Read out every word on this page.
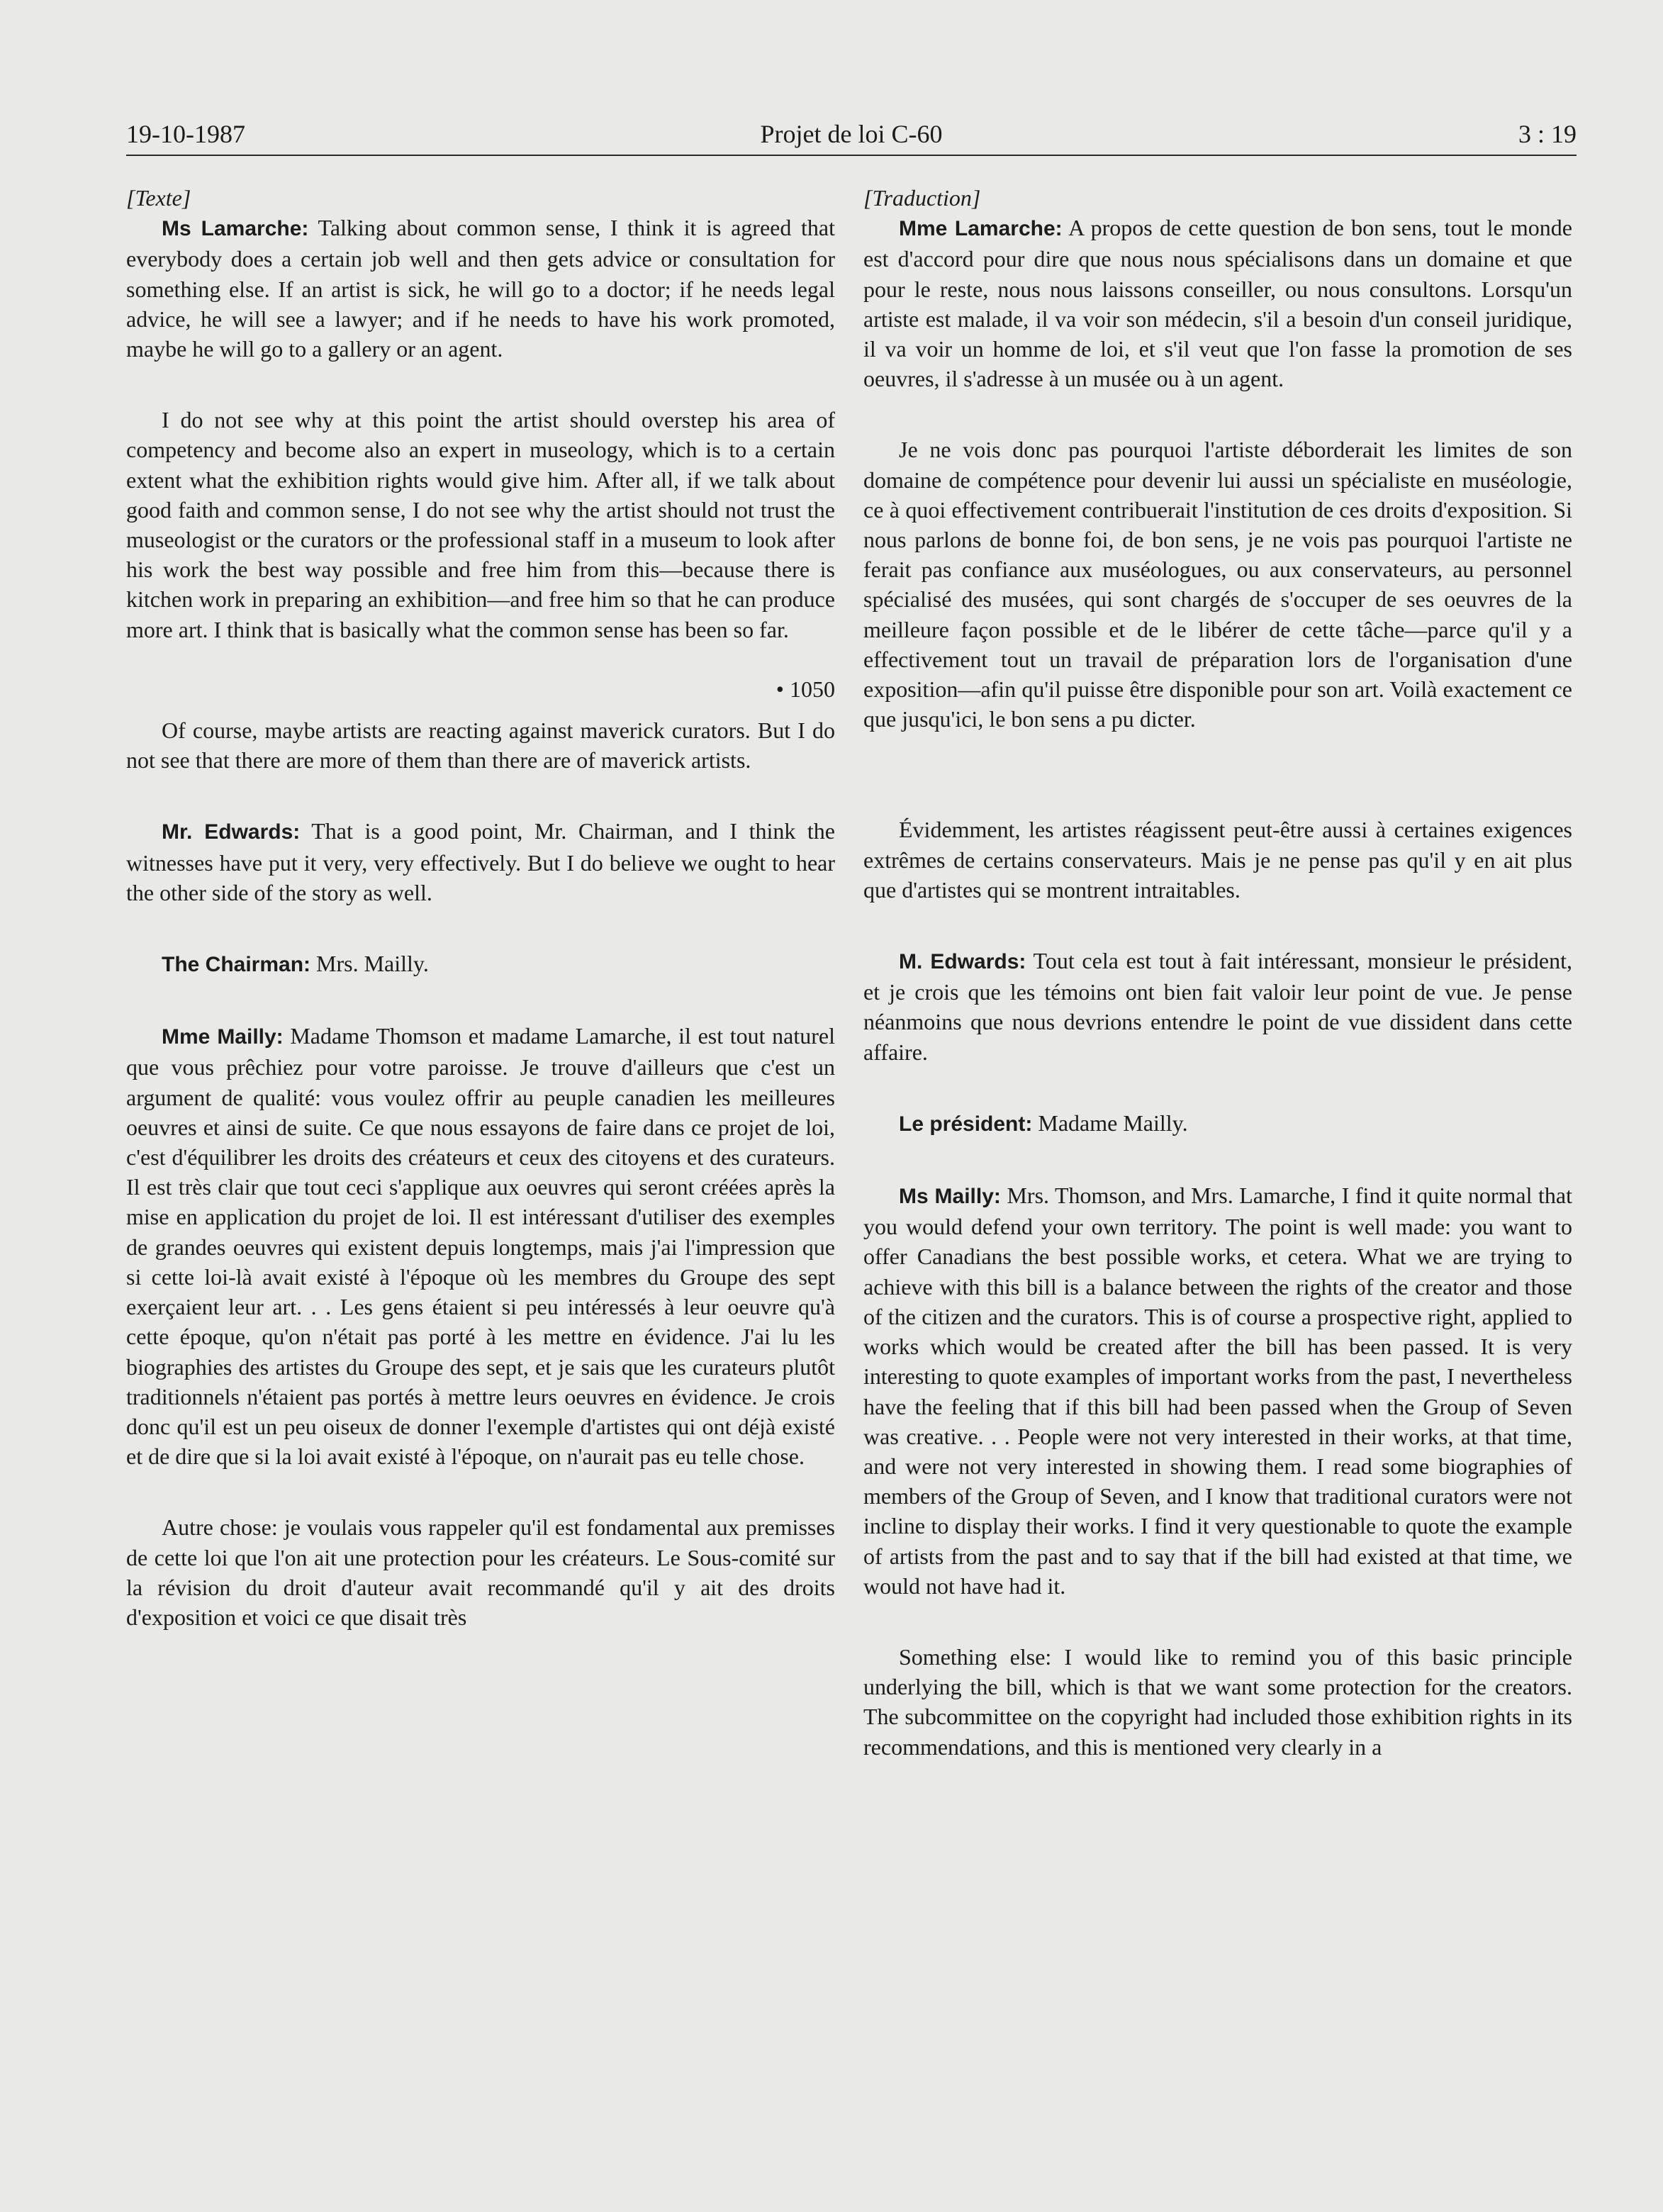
19-10-1987	Projet de loi C-60	3 : 19

[Texte]

Ms Lamarche: Talking about common sense, I think it is agreed that everybody does a certain job well and then gets advice or consultation for something else. If an artist is sick, he will go to a doctor; if he needs legal advice, he will see a lawyer; and if he needs to have his work promoted, maybe he will go to a gallery or an agent.

I do not see why at this point the artist should overstep his area of competency and become also an expert in museology, which is to a certain extent what the exhibition rights would give him. After all, if we talk about good faith and common sense, I do not see why the artist should not trust the museologist or the curators or the professional staff in a museum to look after his work the best way possible and free him from this—because there is kitchen work in preparing an exhibition—and free him so that he can produce more art. I think that is basically what the common sense has been so far.

• 1050

Of course, maybe artists are reacting against maverick curators. But I do not see that there are more of them than there are of maverick artists.

Mr. Edwards: That is a good point, Mr. Chairman, and I think the witnesses have put it very, very effectively. But I do believe we ought to hear the other side of the story as well.

The Chairman: Mrs. Mailly.

Mme Mailly: Madame Thomson et madame Lamarche, il est tout naturel que vous prêchiez pour votre paroisse. Je trouve d'ailleurs que c'est un argument de qualité: vous voulez offrir au peuple canadien les meilleures oeuvres et ainsi de suite. Ce que nous essayons de faire dans ce projet de loi, c'est d'équilibrer les droits des créateurs et ceux des citoyens et des curateurs. Il est très clair que tout ceci s'applique aux oeuvres qui seront créées après la mise en application du projet de loi. Il est intéressant d'utiliser des exemples de grandes oeuvres qui existent depuis longtemps, mais j'ai l'impression que si cette loi-là avait existé à l'époque où les membres du Groupe des sept exerçaient leur art. . . Les gens étaient si peu intéressés à leur oeuvre qu'à cette époque, qu'on n'était pas porté à les mettre en évidence. J'ai lu les biographies des artistes du Groupe des sept, et je sais que les curateurs plutôt traditionnels n'étaient pas portés à mettre leurs oeuvres en évidence. Je crois donc qu'il est un peu oiseux de donner l'exemple d'artistes qui ont déjà existé et de dire que si la loi avait existé à l'époque, on n'aurait pas eu telle chose.

Autre chose: je voulais vous rappeler qu'il est fondamental aux premisses de cette loi que l'on ait une protection pour les créateurs. Le Sous-comité sur la révision du droit d'auteur avait recommandé qu'il y ait des droits d'exposition et voici ce que disait très

[Traduction]

Mme Lamarche: A propos de cette question de bon sens, tout le monde est d'accord pour dire que nous nous spécialisons dans un domaine et que pour le reste, nous nous laissons conseiller, ou nous consultons. Lorsqu'un artiste est malade, il va voir son médecin, s'il a besoin d'un conseil juridique, il va voir un homme de loi, et s'il veut que l'on fasse la promotion de ses oeuvres, il s'adresse à un musée ou à un agent.

Je ne vois donc pas pourquoi l'artiste déborderait les limites de son domaine de compétence pour devenir lui aussi un spécialiste en muséologie, ce à quoi effectivement contribuerait l'institution de ces droits d'exposition. Si nous parlons de bonne foi, de bon sens, je ne vois pas pourquoi l'artiste ne ferait pas confiance aux muséologues, ou aux conservateurs, au personnel spécialisé des musées, qui sont chargés de s'occuper de ses oeuvres de la meilleure façon possible et de le libérer de cette tâche—parce qu'il y a effectivement tout un travail de préparation lors de l'organisation d'une exposition—afin qu'il puisse être disponible pour son art. Voilà exactement ce que jusqu'ici, le bon sens a pu dicter.

Évidemment, les artistes réagissent peut-être aussi à certaines exigences extrêmes de certains conservateurs. Mais je ne pense pas qu'il y en ait plus que d'artistes qui se montrent intraitables.

M. Edwards: Tout cela est tout à fait intéressant, monsieur le président, et je crois que les témoins ont bien fait valoir leur point de vue. Je pense néanmoins que nous devrions entendre le point de vue dissident dans cette affaire.

Le président: Madame Mailly.

Ms Mailly: Mrs. Thomson, and Mrs. Lamarche, I find it quite normal that you would defend your own territory. The point is well made: you want to offer Canadians the best possible works, et cetera. What we are trying to achieve with this bill is a balance between the rights of the creator and those of the citizen and the curators. This is of course a prospective right, applied to works which would be created after the bill has been passed. It is very interesting to quote examples of important works from the past, I nevertheless have the feeling that if this bill had been passed when the Group of Seven was creative. . . People were not very interested in their works, at that time, and were not very interested in showing them. I read some biographies of members of the Group of Seven, and I know that traditional curators were not incline to display their works. I find it very questionable to quote the example of artists from the past and to say that if the bill had existed at that time, we would not have had it.

Something else: I would like to remind you of this basic principle underlying the bill, which is that we want some protection for the creators. The subcommittee on the copyright had included those exhibition rights in its recommendations, and this is mentioned very clearly in a
